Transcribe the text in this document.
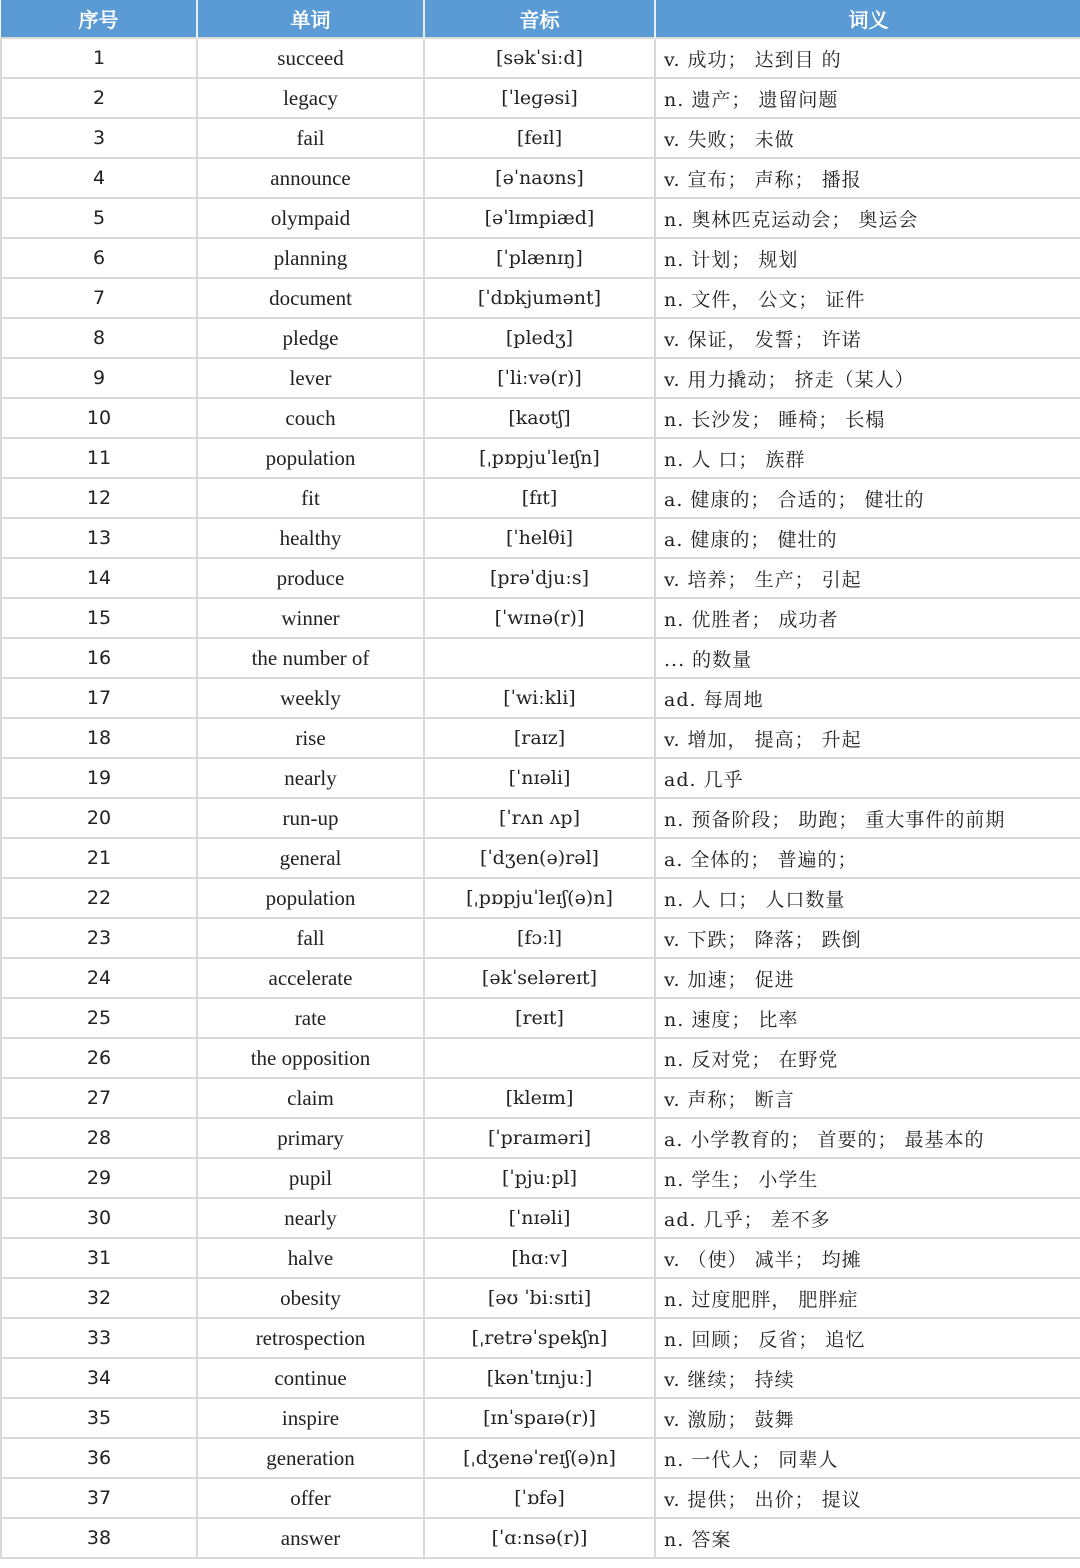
序号	单词	音标	词义
1	succeed	[səkˈsiːd]	v. 成功； 达到目 的
2	legacy	[ˈleɡəsi]	n. 遗产； 遗留问题
3	fail	[feɪl]	v. 失败； 未做
4	announce	[əˈnaʊns]	v. 宣布； 声称； 播报
5	olympaid	[əˈlɪmpiæd]	n. 奥林匹克运动会； 奥运会
6	planning	[ˈplænɪŋ]	n. 计划； 规划
7	document	[ˈdɒkjumənt]	n. 文件， 公文； 证件
8	pledge	[pledʒ]	v. 保证， 发誓； 许诺
9	lever	[ˈliːvə(r)]	v. 用力撬动； 挤走（某人）
10	couch	[kaʊtʃ]	n. 长沙发； 睡椅； 长榻
11	population	[ˌpɒpjuˈleɪʃn]	n. 人 口； 族群
12	fit	[fɪt]	a. 健康的； 合适的； 健壮的
13	healthy	[ˈhelθi]	a. 健康的； 健壮的
14	produce	[prəˈdjuːs]	v. 培养； 生产； 引起
15	winner	[ˈwɪnə(r)]	n. 优胜者； 成功者
16	the number of		... 的数量
17	weekly	[ˈwiːkli]	ad. 每周地
18	rise	[raɪz]	v. 增加， 提高； 升起
19	nearly	[ˈnɪəli]	ad. 几乎
20	run-up	[ˈrʌn ʌp]	n. 预备阶段； 助跑； 重大事件的前期
21	general	[ˈdʒen(ə)rəl]	a. 全体的； 普遍的；
22	population	[ˌpɒpjuˈleɪʃ(ə)n]	n. 人 口； 人口数量
23	fall	[fɔːl]	v. 下跌； 降落； 跌倒
24	accelerate	[əkˈseləreɪt]	v. 加速； 促进
25	rate	[reɪt]	n. 速度； 比率
26	the opposition		n. 反对党； 在野党
27	claim	[kleɪm]	v. 声称； 断言
28	primary	[ˈpraɪməri]	a. 小学教育的； 首要的； 最基本的
29	pupil	[ˈpjuːpl]	n. 学生； 小学生
30	nearly	[ˈnɪəli]	ad. 几乎； 差不多
31	halve	[hɑːv]	v. （使） 减半； 均摊
32	obesity	[əʊ ˈbiːsɪti]	n. 过度肥胖， 肥胖症
33	retrospection	[ˌretrəˈspekʃn]	n. 回顾； 反省； 追忆
34	continue	[kənˈtɪnjuː]	v. 继续； 持续
35	inspire	[ɪnˈspaɪə(r)]	v. 激励； 鼓舞
36	generation	[ˌdʒenəˈreɪʃ(ə)n]	n. 一代人； 同辈人
37	offer	[ˈɒfə]	v. 提供； 出价； 提议
38	answer	[ˈɑːnsə(r)]	n. 答案
